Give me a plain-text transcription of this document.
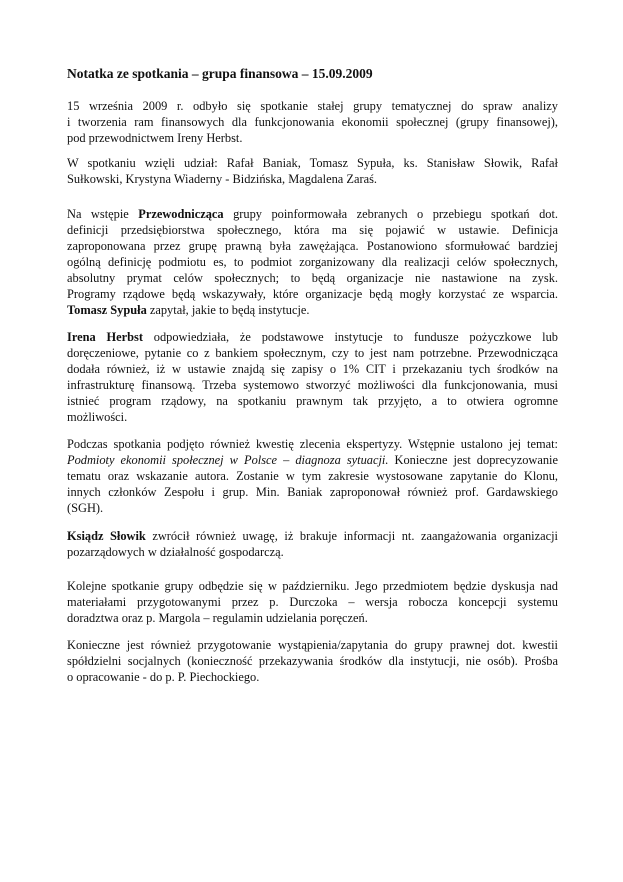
Notatka ze spotkania – grupa finansowa – 15.09.2009
15 września 2009 r. odbyło się spotkanie stałej grupy tematycznej do spraw analizy
i tworzenia ram finansowych dla funkcjonowania ekonomii społecznej (grupy finansowej),
pod przewodnictwem Ireny Herbst.
W spotkaniu wzięli udział: Rafał Baniak, Tomasz Sypuła, ks. Stanisław Słowik, Rafał
Sułkowski, Krystyna Wiaderny - Bidzińska, Magdalena Zaraś.
Na wstępie Przewodnicząca grupy poinformowała zebranych o przebiegu spotkań dot.
definicji przedsiębiorstwa społecznego, która ma się pojawić w ustawie. Definicja
zaproponowana przez grupę prawną była zawężająca. Postanowiono sformułować bardziej
ogólną definicję podmiotu es, to podmiot zorganizowany dla realizacji celów społecznych,
absolutny prymat celów społecznych; to będą organizacje nie nastawione na zysk.
Programy rządowe będą wskazywały, które organizacje będą mogły korzystać ze wsparcia.
Tomasz Sypuła zapytał, jakie to będą instytucje.
Irena Herbst odpowiedziała, że podstawowe instytucje to fundusze pożyczkowe lub
doręczeniowe, pytanie co z bankiem społecznym, czy to jest nam potrzebne. Przewodnicząca
dodała również, iż w ustawie znajdą się zapisy o 1% CIT i przekazaniu tych środków na
infrastrukturę finansową. Trzeba systemowo stworzyć możliwości dla funkcjonowania, musi
istnieć program rządowy, na spotkaniu prawnym tak przyjęto, a to otwiera ogromne
możliwości.
Podczas spotkania podjęto również kwestię zlecenia ekspertyzy. Wstępnie ustalono jej temat:
Podmioty ekonomii społecznej w Polsce – diagnoza sytuacji. Konieczne jest doprecyzowanie
tematu oraz wskazanie autora. Zostanie w tym zakresie wystosowane zapytanie do Klonu,
innych członków Zespołu i grup. Min. Baniak zaproponował również prof. Gardawskiego
(SGH).
Ksiądz Słowik zwrócił również uwagę, iż brakuje informacji nt. zaangażowania organizacji
pozarządowych w działalność gospodarczą.
Kolejne spotkanie grupy odbędzie się w październiku. Jego przedmiotem będzie dyskusja nad
materiałami przygotowanymi przez p. Durczoka – wersja robocza koncepcji systemu
doradztwa oraz p. Margola – regulamin udzielania poręczeń.
Konieczne jest również przygotowanie wystąpienia/zapytania do grupy prawnej dot. kwestii
spółdzielni socjalnych (konieczność przekazywania środków dla instytucji, nie osób). Prośba
o opracowanie - do p. P. Piechockiego.
